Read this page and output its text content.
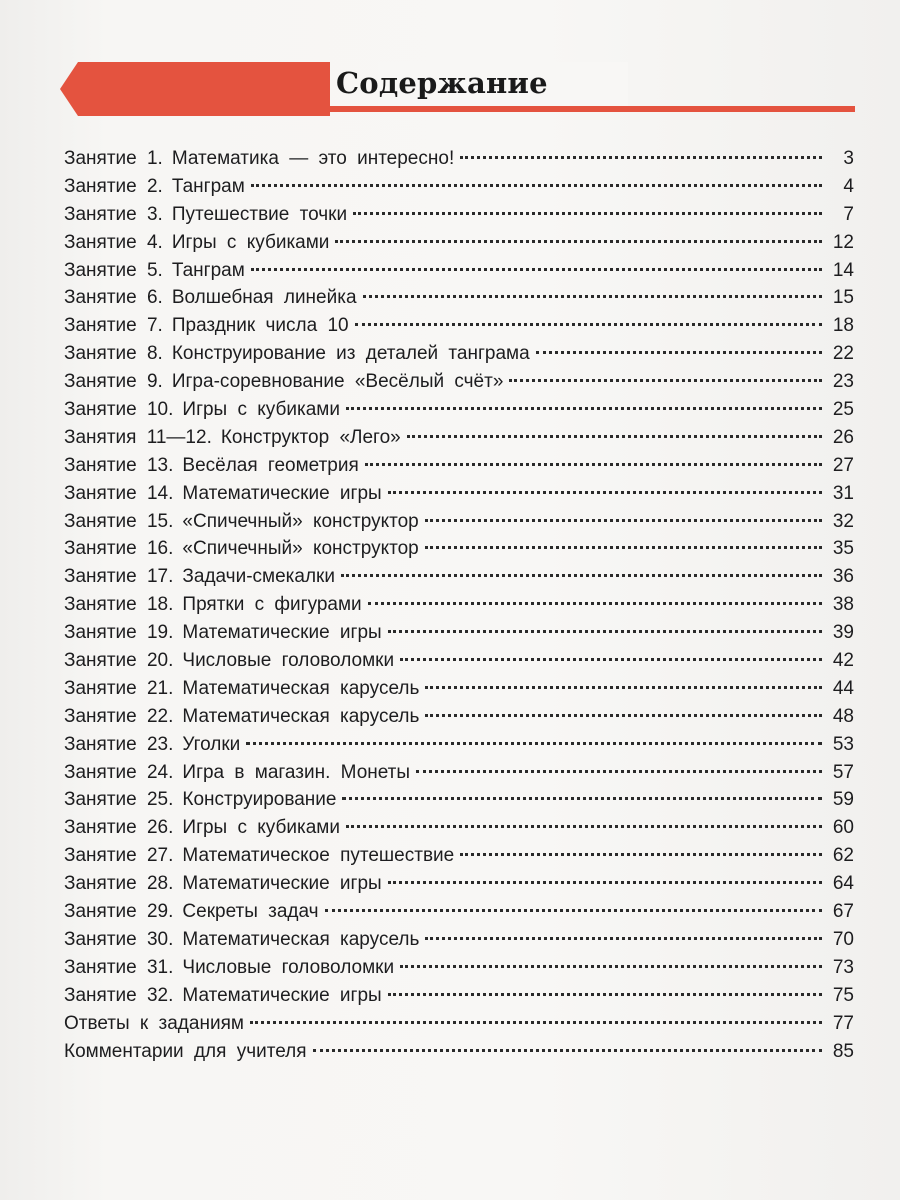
Содержание
Занятие 1. Математика — это интересно!	3
Занятие 2. Танграм	4
Занятие 3. Путешествие точки	7
Занятие 4. Игры с кубиками	12
Занятие 5. Танграм	14
Занятие 6. Волшебная линейка	15
Занятие 7. Праздник числа 10	18
Занятие 8. Конструирование из деталей танграма	22
Занятие 9. Игра-соревнование «Весёлый счёт»	23
Занятие 10. Игры с кубиками	25
Занятия 11—12. Конструктор «Лего»	26
Занятие 13. Весёлая геометрия	27
Занятие 14. Математические игры	31
Занятие 15. «Спичечный» конструктор	32
Занятие 16. «Спичечный» конструктор	35
Занятие 17. Задачи-смекалки	36
Занятие 18. Прятки с фигурами	38
Занятие 19. Математические игры	39
Занятие 20. Числовые головоломки	42
Занятие 21. Математическая карусель	44
Занятие 22. Математическая карусель	48
Занятие 23. Уголки	53
Занятие 24. Игра в магазин. Монеты	57
Занятие 25. Конструирование	59
Занятие 26. Игры с кубиками	60
Занятие 27. Математическое путешествие	62
Занятие 28. Математические игры	64
Занятие 29. Секреты задач	67
Занятие 30. Математическая карусель	70
Занятие 31. Числовые головоломки	73
Занятие 32. Математические игры	75
Ответы к заданиям	77
Комментарии для учителя	85
